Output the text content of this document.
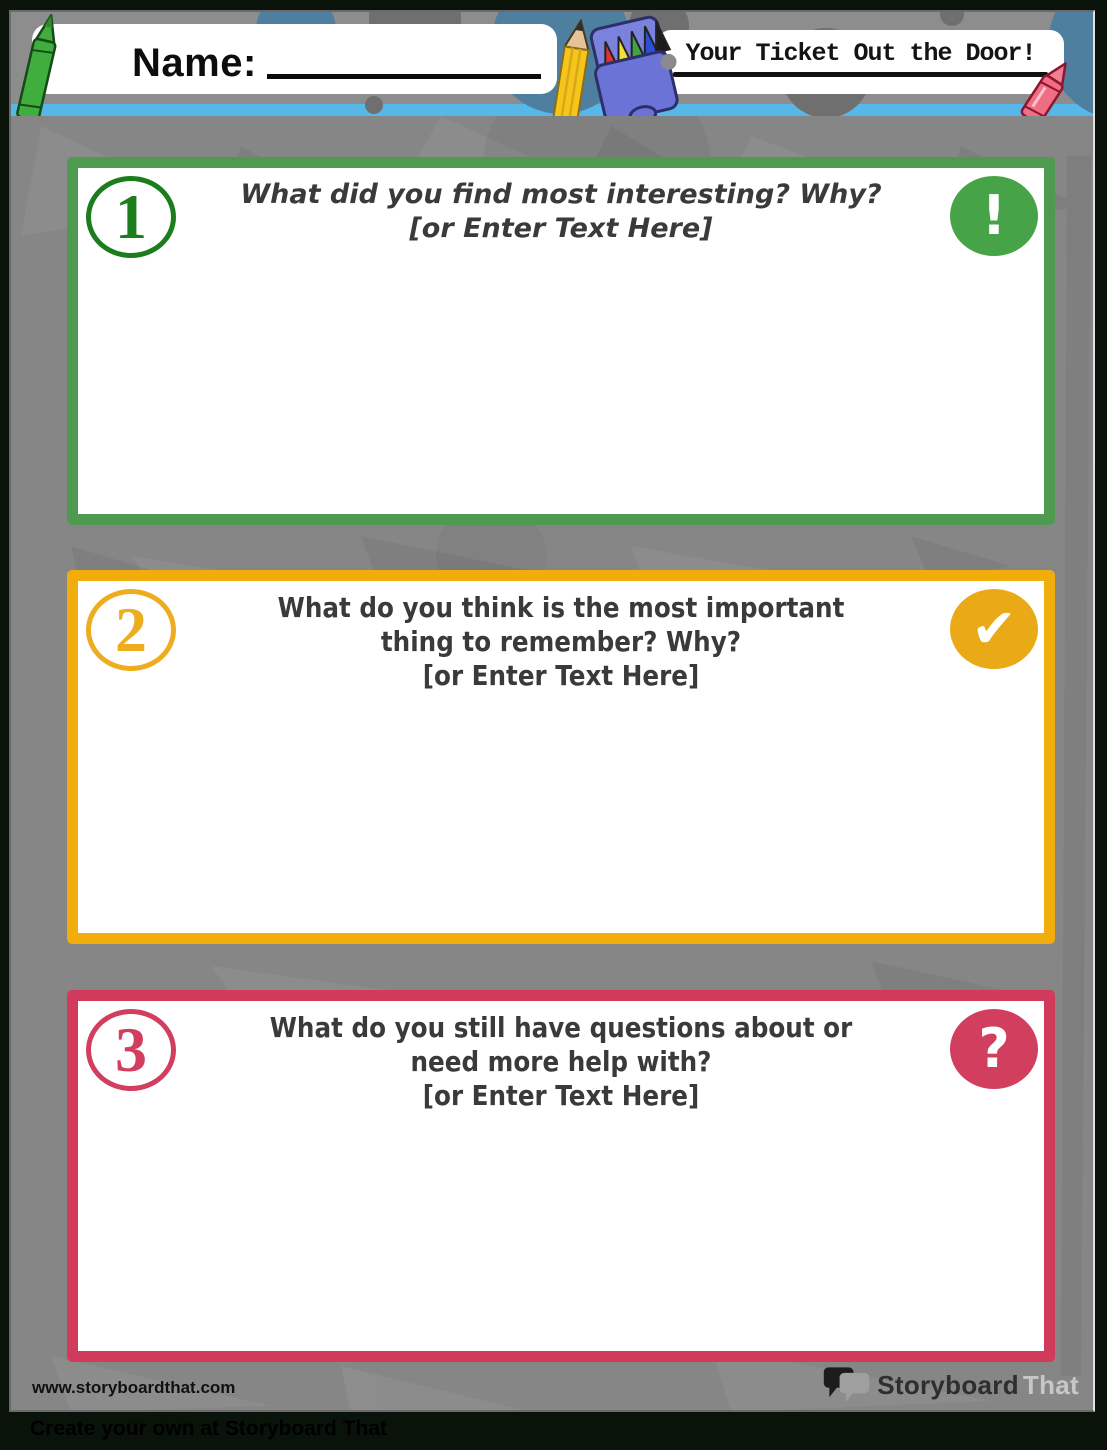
Name:	Your Ticket Out the Door!
1	!
What did you find most interesting? Why?
[or Enter Text Here]
2	✔
What do you think is the most important
thing to remember? Why?
[or Enter Text Here]
3	?
What do you still have questions about or
need more help with?
[or Enter Text Here]
www.storyboardthat.com	Storyboard That
Create your own at Storyboard That
